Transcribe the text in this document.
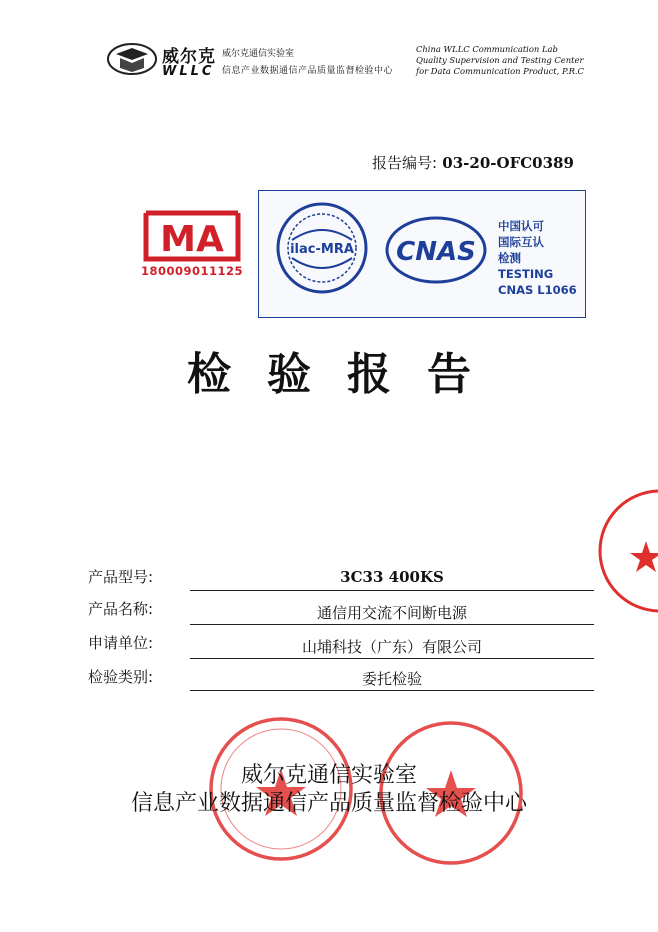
威尔克
WLLC
威尔克通信实验室
信息产业数据通信产品质量监督检验中心
China WLLC Communication Lab
Quality Supervision and Testing Center
for Data Communication Product, P.R.C
报告编号: 03-20-OFC0389
MA
180009011125
ilac-MRA CNAS
中国认可
国际互认
检测
TESTING
CNAS L1066
检验报告
产品型号:	3C33 400KS
产品名称:	通信用交流不间断电源
申请单位:	山埔科技（广东）有限公司
检验类别:	委托检验
威尔克通信实验室
信息产业数据通信产品质量监督检验中心
